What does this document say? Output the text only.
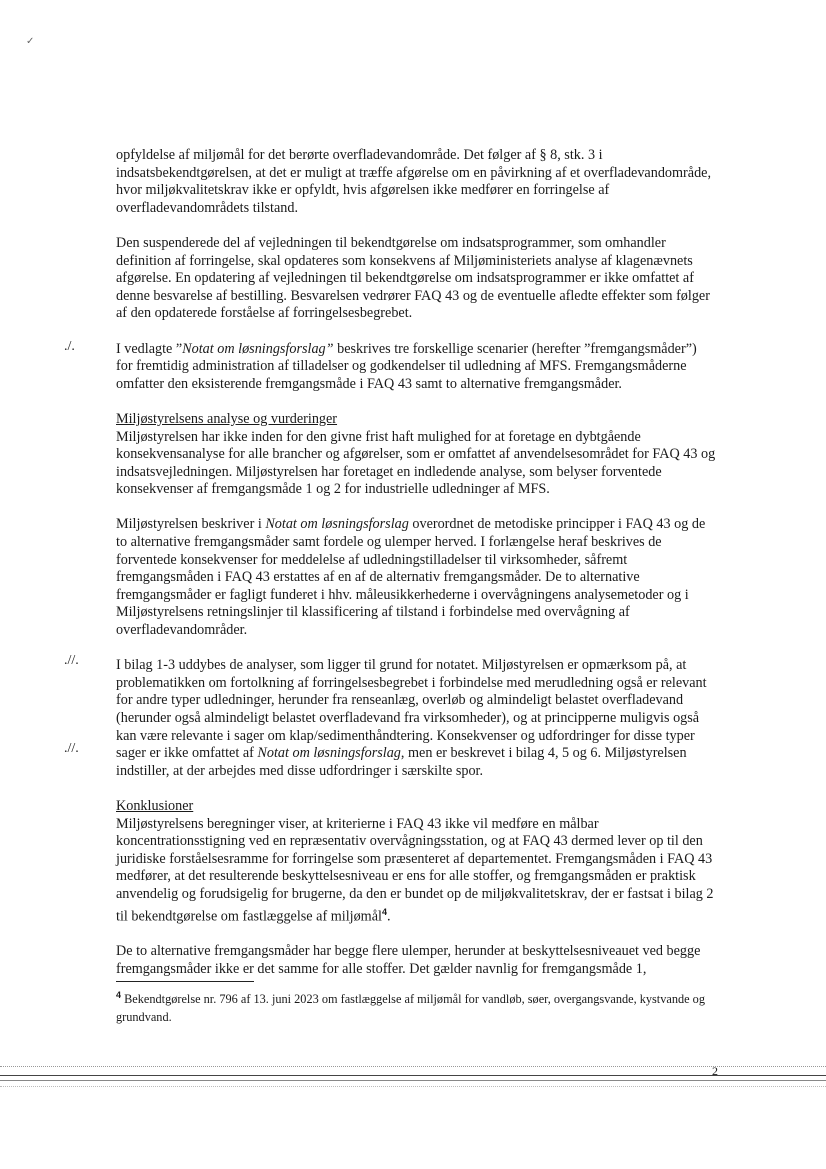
✓
./.
.//.
.//.

opfyldelse af miljømål for det berørte overfladevandområde. Det følger af § 8, stk. 3 i indsatsbekendtgørelsen, at det er muligt at træffe afgørelse om en påvirkning af et overfladevandområde, hvor miljøkvalitetskrav ikke er opfyldt, hvis afgørelsen ikke medfører en forringelse af overfladevandområdets tilstand.

Den suspenderede del af vejledningen til bekendtgørelse om indsatsprogrammer, som omhandler definition af forringelse, skal opdateres som konsekvens af Miljøministeriets analyse af klagenævnets afgørelse. En opdatering af vejledningen til bekendtgørelse om indsatsprogrammer er ikke omfattet af denne besvarelse af bestilling. Besvarelsen vedrører FAQ 43 og de eventuelle afledte effekter som følger af den opdaterede forståelse af forringelsesbegrebet.

I vedlagte ”Notat om løsningsforslag” beskrives tre forskellige scenarier (herefter ”fremgangsmåder”) for fremtidig administration af tilladelser og godkendelser til udledning af MFS. Fremgangsmåderne omfatter den eksisterende fremgangsmåde i FAQ 43 samt to alternative fremgangsmåder.

Miljøstyrelsens analyse og vurderinger
Miljøstyrelsen har ikke inden for den givne frist haft mulighed for at foretage en dybtgående konsekvensanalyse for alle brancher og afgørelser, som er omfattet af anvendelsesområdet for FAQ 43 og indsatsvejledningen. Miljøstyrelsen har foretaget en indledende analyse, som belyser forventede konsekvenser af fremgangsmåde 1 og 2 for industrielle udledninger af MFS.

Miljøstyrelsen beskriver i Notat om løsningsforslag overordnet de metodiske principper i FAQ 43 og de to alternative fremgangsmåder samt fordele og ulemper herved. I forlængelse heraf beskrives de forventede konsekvenser for meddelelse af udledningstilladelser til virksomheder, såfremt fremgangsmåden i FAQ 43 erstattes af en af de alternativ fremgangsmåder. De to alternative fremgangsmåder er fagligt funderet i hhv. måleusikkerhederne i overvågningens analysemetoder og i Miljøstyrelsens retningslinjer til klassificering af tilstand i forbindelse med overvågning af overfladevandområder.

I bilag 1-3 uddybes de analyser, som ligger til grund for notatet. Miljøstyrelsen er opmærksom på, at problematikken om fortolkning af forringelsesbegrebet i forbindelse med merudledning også er relevant for andre typer udledninger, herunder fra renseanlæg, overløb og almindeligt belastet overfladevand (herunder også almindeligt belastet overfladevand fra virksomheder), og at principperne muligvis også kan være relevante i sager om klap/sedimenthåndtering. Konsekvenser og udfordringer for disse typer sager er ikke omfattet af Notat om løsningsforslag, men er beskrevet i bilag 4, 5 og 6. Miljøstyrelsen indstiller, at der arbejdes med disse udfordringer i særskilte spor.

Konklusioner
Miljøstyrelsens beregninger viser, at kriterierne i FAQ 43 ikke vil medføre en målbar koncentrationsstigning ved en repræsentativ overvågningsstation, og at FAQ 43 dermed lever op til den juridiske forståelsesramme for forringelse som præsenteret af departementet. Fremgangsmåden i FAQ 43 medfører, at det resulterende beskyttelsesniveau er ens for alle stoffer, og fremgangsmåden er praktisk anvendelig og forudsigelig for brugerne, da den er bundet op de miljøkvalitetskrav, der er fastsat i bilag 2 til bekendtgørelse om fastlæggelse af miljømål$^4$.

De to alternative fremgangsmåder har begge flere ulemper, herunder at beskyttelsesniveauet ved begge fremgangsmåder ikke er det samme for alle stoffer. Det gælder navnlig for fremgangsmåde 1,

$^4$ Bekendtgørelse nr. 796 af 13. juni 2023 om fastlæggelse af miljømål for vandløb, søer, overgangsvande, kystvande og grundvand.
2
